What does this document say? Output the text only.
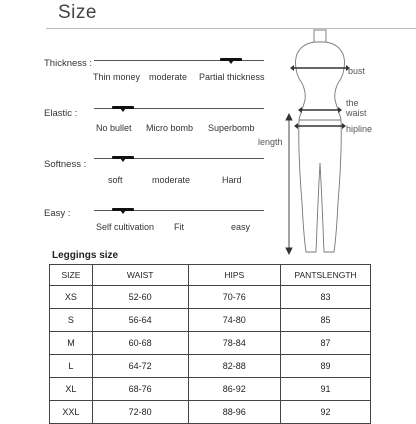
Size
Thickness :
Thin money moderate Partial thickness
Elastic :
No bullet Micro bomb Superbomb
Softness :
soft	moderate	Hard
Easy :
Self cultivation Fit	easy
bust
the
waist
hipline
length
Leggings size
SIZE	WAIST	HIPS	PANTSLENGTH
XS	52-60	70-76	83
S	56-64	74-80	85
M	60-68	78-84	87
L	64-72	82-88	89
XL	68-76	86-92	91
XXL	72-80	88-96	92
